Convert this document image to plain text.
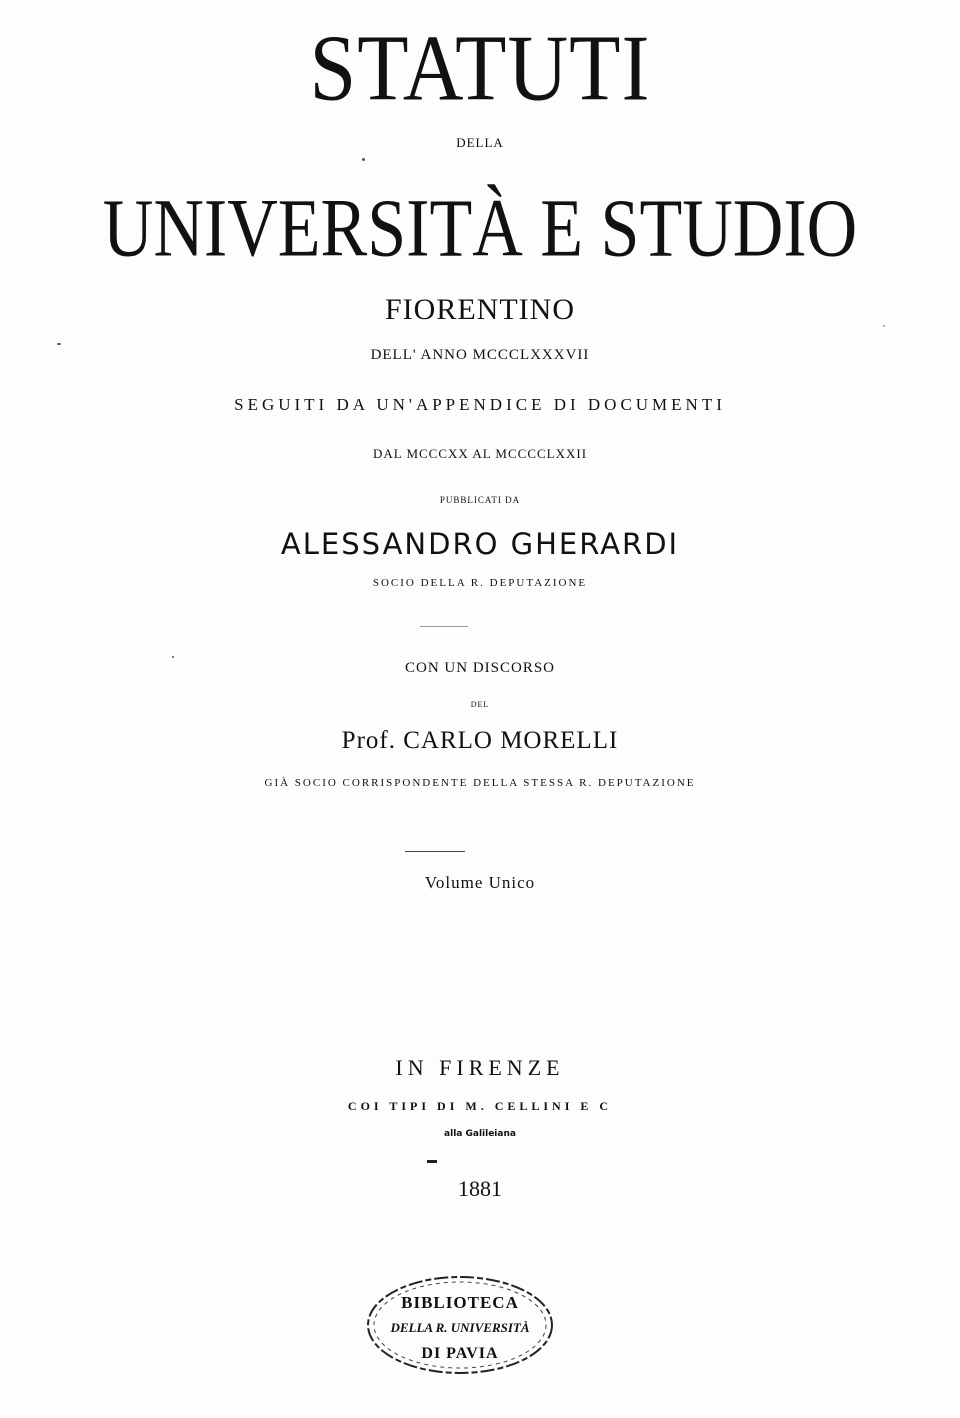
STATUTI
DELLA
UNIVERSITÀ E STUDIO
FIORENTINO
DELL' ANNO MCCCLXXXVII
SEGUITI DA UN'APPENDICE DI DOCUMENTI
DAL MCCCXX AL MCCCCLXXII
PUBBLICATI DA
ALESSANDRO GHERARDI
SOCIO DELLA R. DEPUTAZIONE
CON UN DISCORSO
DEL
Prof. CARLO MORELLI
GIÀ SOCIO CORRISPONDENTE DELLA STESSA R. DEPUTAZIONE
Volume Unico
IN FIRENZE
COI TIPI DI M. CELLINI E C
alla Galileiana
1881
BIBLIOTECA
DELLA R. UNIVERSITÀ
DI PAVIA
